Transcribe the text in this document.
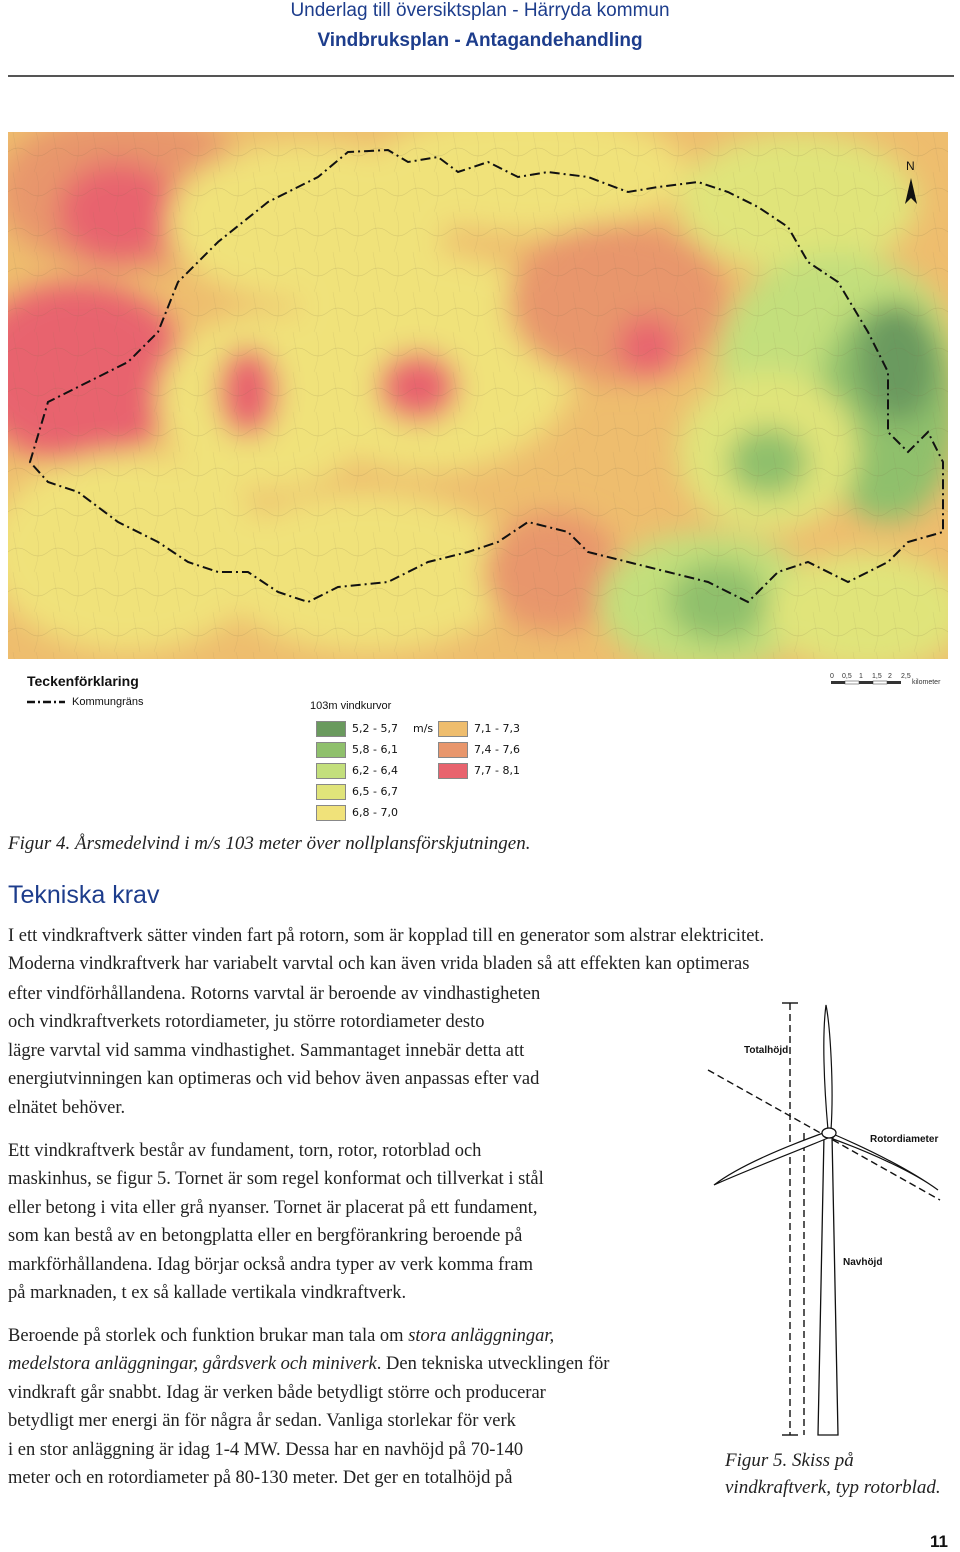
Underlag till översiktsplan - Härryda kommun
Vindbruksplan - Antagandehandling
N
Teckenförklaring
Kommungräns	103m vindkurvor
5,2 - 5,7 m/s
5,8 - 6,1
6,2 - 6,4
6,5 - 6,7
6,8 - 7,0
7,1 - 7,3
7,4 - 7,6
7,7 - 8,1
0 0,5 1 1,5 2 2,5
kilometer
Figur 4. Årsmedelvind i m/s 103 meter över nollplansförskjutningen.
Tekniska krav
I ett vindkraftverk sätter vinden fart på rotorn, som är kopplad till en generator som alstrar elektricitet.
Moderna vindkraftverk har variabelt varvtal och kan även vrida bladen så att effekten kan optimeras
efter vindförhållandena. Rotorns varvtal är beroende av vindhastigheten
och vindkraftverkets rotordiameter, ju större rotordiameter desto
lägre varvtal vid samma vindhastighet. Sammantaget innebär detta att
energiutvinningen kan optimeras och vid behov även anpassas efter vad
elnätet behöver.
Ett vindkraftverk består av fundament, torn, rotor, rotorblad och
maskinhus, se figur 5. Tornet är som regel konformat och tillverkat i stål
eller betong i vita eller grå nyanser. Tornet är placerat på ett fundament,
som kan bestå av en betongplatta eller en bergförankring beroende på
markförhållandena. Idag börjar också andra typer av verk komma fram
på marknaden, t ex så kallade vertikala vindkraftverk.
Beroende på storlek och funktion brukar man tala om stora anläggningar,
medelstora anläggningar, gårdsverk och miniverk. Den tekniska utvecklingen för
vindkraft går snabbt. Idag är verken både betydligt större och producerar
betydligt mer energi än för några år sedan. Vanliga storlekar för verk
i en stor anläggning är idag 1-4 MW. Dessa har en navhöjd på 70-140
meter och en rotordiameter på 80-130 meter. Det ger en totalhöjd på
Totalhöjd
Navhöjd
Rotordiameter
Figur 5. Skiss på
vindkraftverk, typ rotorblad.
11
